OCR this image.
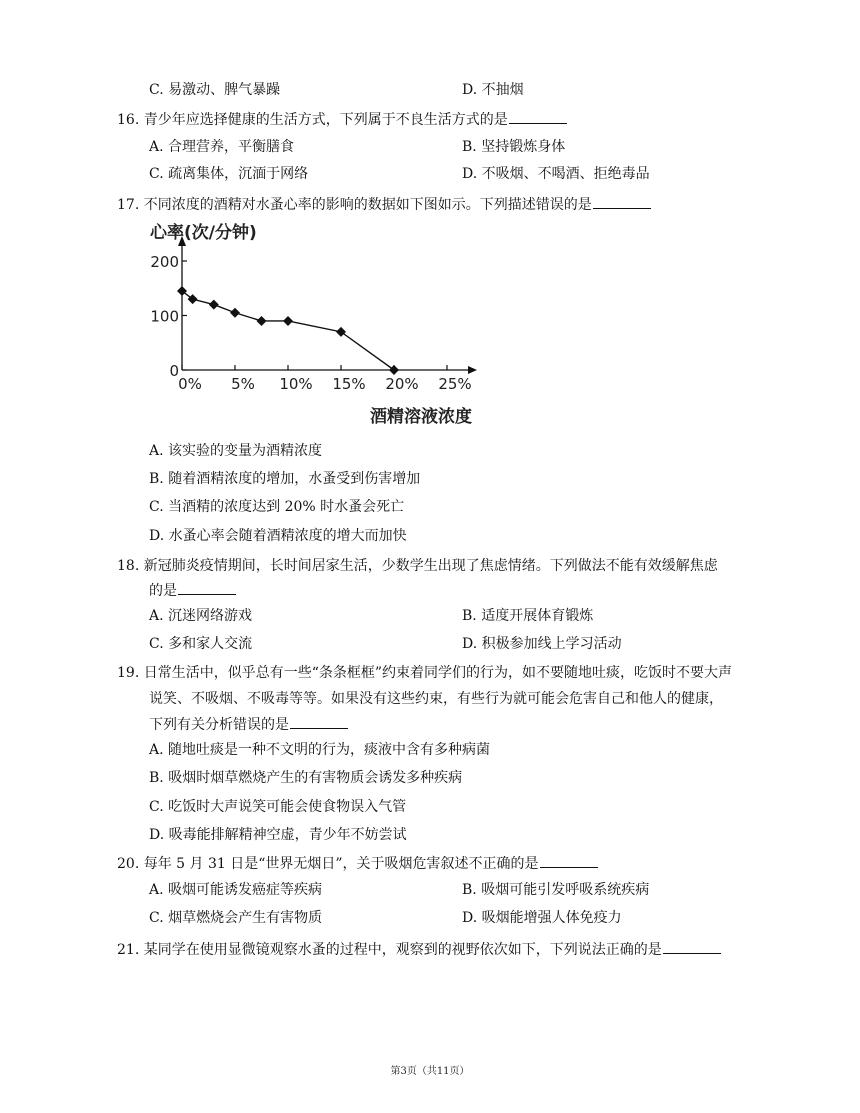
C. 易激动、脾气暴躁	D. 不抽烟
16. 青少年应选择健康的生活方式，下列属于不良生活方式的是
A. 合理营养，平衡膳食	B. 坚持锻炼身体
C. 疏离集体，沉湎于网络	D. 不吸烟、不喝酒、拒绝毒品
17. 不同浓度的酒精对水蚤心率的影响的数据如下图如示。下列描述错误的是
心率(次/分钟)
酒精溶液浓度
0
100
200
0% 5% 10% 15% 20% 25%
A. 该实验的变量为酒精浓度
B. 随着酒精浓度的增加，水蚤受到伤害增加
C. 当酒精的浓度达到 20% 时水蚤会死亡
D. 水蚤心率会随着酒精浓度的增大而加快
18. 新冠肺炎疫情期间，长时间居家生活，少数学生出现了焦虑情绪。下列做法不能有效缓解焦虑
的是
A. 沉迷网络游戏	B. 适度开展体育锻炼
C. 多和家人交流	D. 积极参加线上学习活动
19. 日常生活中，似乎总有一些“条条框框”约束着同学们的行为，如不要随地吐痰，吃饭时不要大声
说笑、不吸烟、不吸毒等等。如果没有这些约束，有些行为就可能会危害自己和他人的健康，
下列有关分析错误的是
A. 随地吐痰是一种不文明的行为，痰液中含有多种病菌
B. 吸烟时烟草燃烧产生的有害物质会诱发多种疾病
C. 吃饭时大声说笑可能会使食物误入气管
D. 吸毒能排解精神空虚，青少年不妨尝试
20. 每年 5 月 31 日是“世界无烟日”，关于吸烟危害叙述不正确的是
A. 吸烟可能诱发癌症等疾病	B. 吸烟可能引发呼吸系统疾病
C. 烟草燃烧会产生有害物质	D. 吸烟能增强人体免疫力
21. 某同学在使用显微镜观察水蚤的过程中，观察到的视野依次如下，下列说法正确的是
第3页（共11页）
